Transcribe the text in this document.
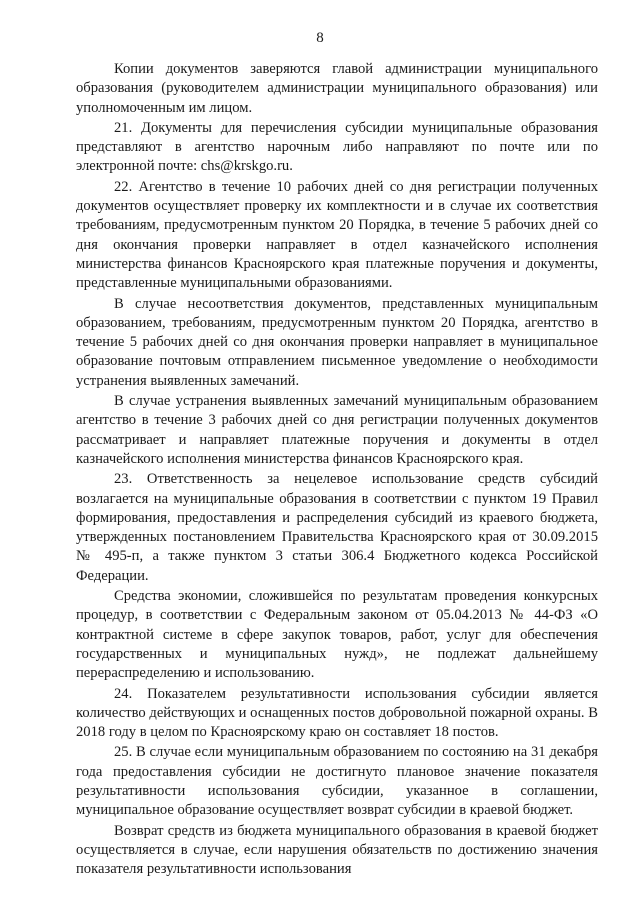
8

Копии документов заверяются главой администрации муниципального образования (руководителем администрации муниципального образования) или уполномоченным им лицом.

21. Документы для перечисления субсидии муниципальные образования представляют в агентство нарочным либо направляют по почте или по электронной почте: chs@krskgo.ru.

22. Агентство в течение 10 рабочих дней со дня регистрации полученных документов осуществляет проверку их комплектности и в случае их соответствия требованиям, предусмотренным пунктом 20 Порядка, в течение 5 рабочих дней со дня окончания проверки направляет в отдел казначейского исполнения министерства финансов Красноярского края платежные поручения и документы, представленные муниципальными образованиями.

В случае несоответствия документов, представленных муниципальным образованием, требованиям, предусмотренным пунктом 20 Порядка, агентство в течение 5 рабочих дней со дня окончания проверки направляет в муниципальное образование почтовым отправлением письменное уведомление о необходимости устранения выявленных замечаний.

В случае устранения выявленных замечаний муниципальным образованием агентство в течение 3 рабочих дней со дня регистрации полученных документов рассматривает и направляет платежные поручения и документы в отдел казначейского исполнения министерства финансов Красноярского края.

23. Ответственность за нецелевое использование средств субсидий возлагается на муниципальные образования в соответствии с пунктом 19 Правил формирования, предоставления и распределения субсидий из краевого бюджета, утвержденных постановлением Правительства Красноярского края от 30.09.2015 № 495-п, а также пунктом 3 статьи 306.4 Бюджетного кодекса Российской Федерации.

Средства экономии, сложившейся по результатам проведения конкурсных процедур, в соответствии с Федеральным законом от 05.04.2013 № 44-ФЗ «О контрактной системе в сфере закупок товаров, работ, услуг для обеспечения государственных и муниципальных нужд», не подлежат дальнейшему перераспределению и использованию.

24. Показателем результативности использования субсидии является количество действующих и оснащенных постов добровольной пожарной охраны. В 2018 году в целом по Красноярскому краю он составляет 18 постов.

25. В случае если муниципальным образованием по состоянию на 31 декабря года предоставления субсидии не достигнуто плановое значение показателя результативности использования субсидии, указанное в соглашении, муниципальное образование осуществляет возврат субсидии в краевой бюджет.

Возврат средств из бюджета муниципального образования в краевой бюджет осуществляется в случае, если нарушения обязательств по достижению значения показателя результативности использования
